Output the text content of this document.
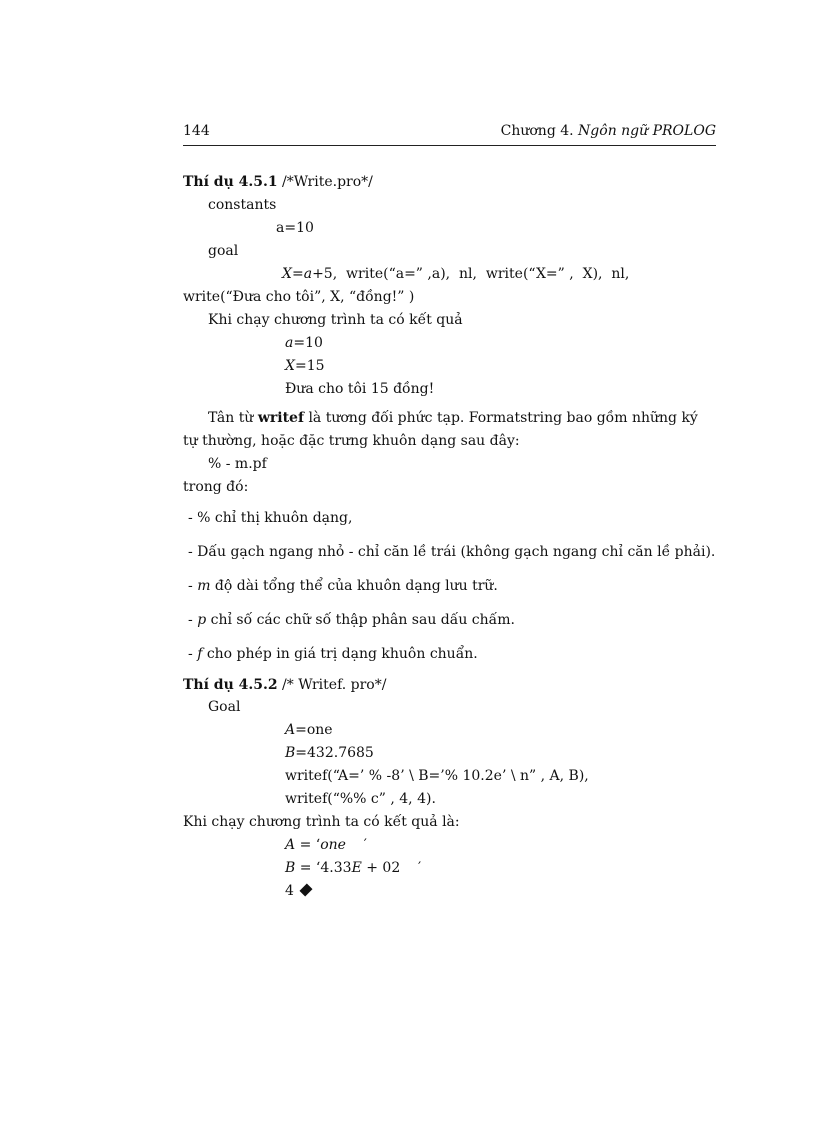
144	Chương 4. Ngôn ngữ PROLOG
Thí dụ 4.5.1 /*Write.pro*/
constants
a=10
goal
X=a+5,  write(“a=” ,a),  nl,  write(“X=” ,  X),  nl,
write(“Đưa cho tôi”, X, “đồng!” )
Khi chạy chương trình ta có kết quả
a=10
X=15
Đưa cho tôi 15 đồng!
Tân từ writef là tương đối phức tạp. Formatstring bao gồm những ký
tự thường, hoặc đặc trưng khuôn dạng sau đây:
% - m.pf
trong đó:
- % chỉ thị khuôn dạng,
- Dấu gạch ngang nhỏ - chỉ căn lề trái (không gạch ngang chỉ căn lề phải).
- m độ dài tổng thể của khuôn dạng lưu trữ.
- p chỉ số các chữ số thập phân sau dấu chấm.
- f cho phép in giá trị dạng khuôn chuẩn.
Thí dụ 4.5.2 /* Writef. pro*/
Goal
A=one
B=432.7685
writef(“A=’ % -8’ \ B=’% 10.2e’ \ n” , A, B),
writef(“%% c” , 4, 4).
Khi chạy chương trình ta có kết quả là:
A = ‘one    ′
B = ‘4.33E + 02    ′
4
